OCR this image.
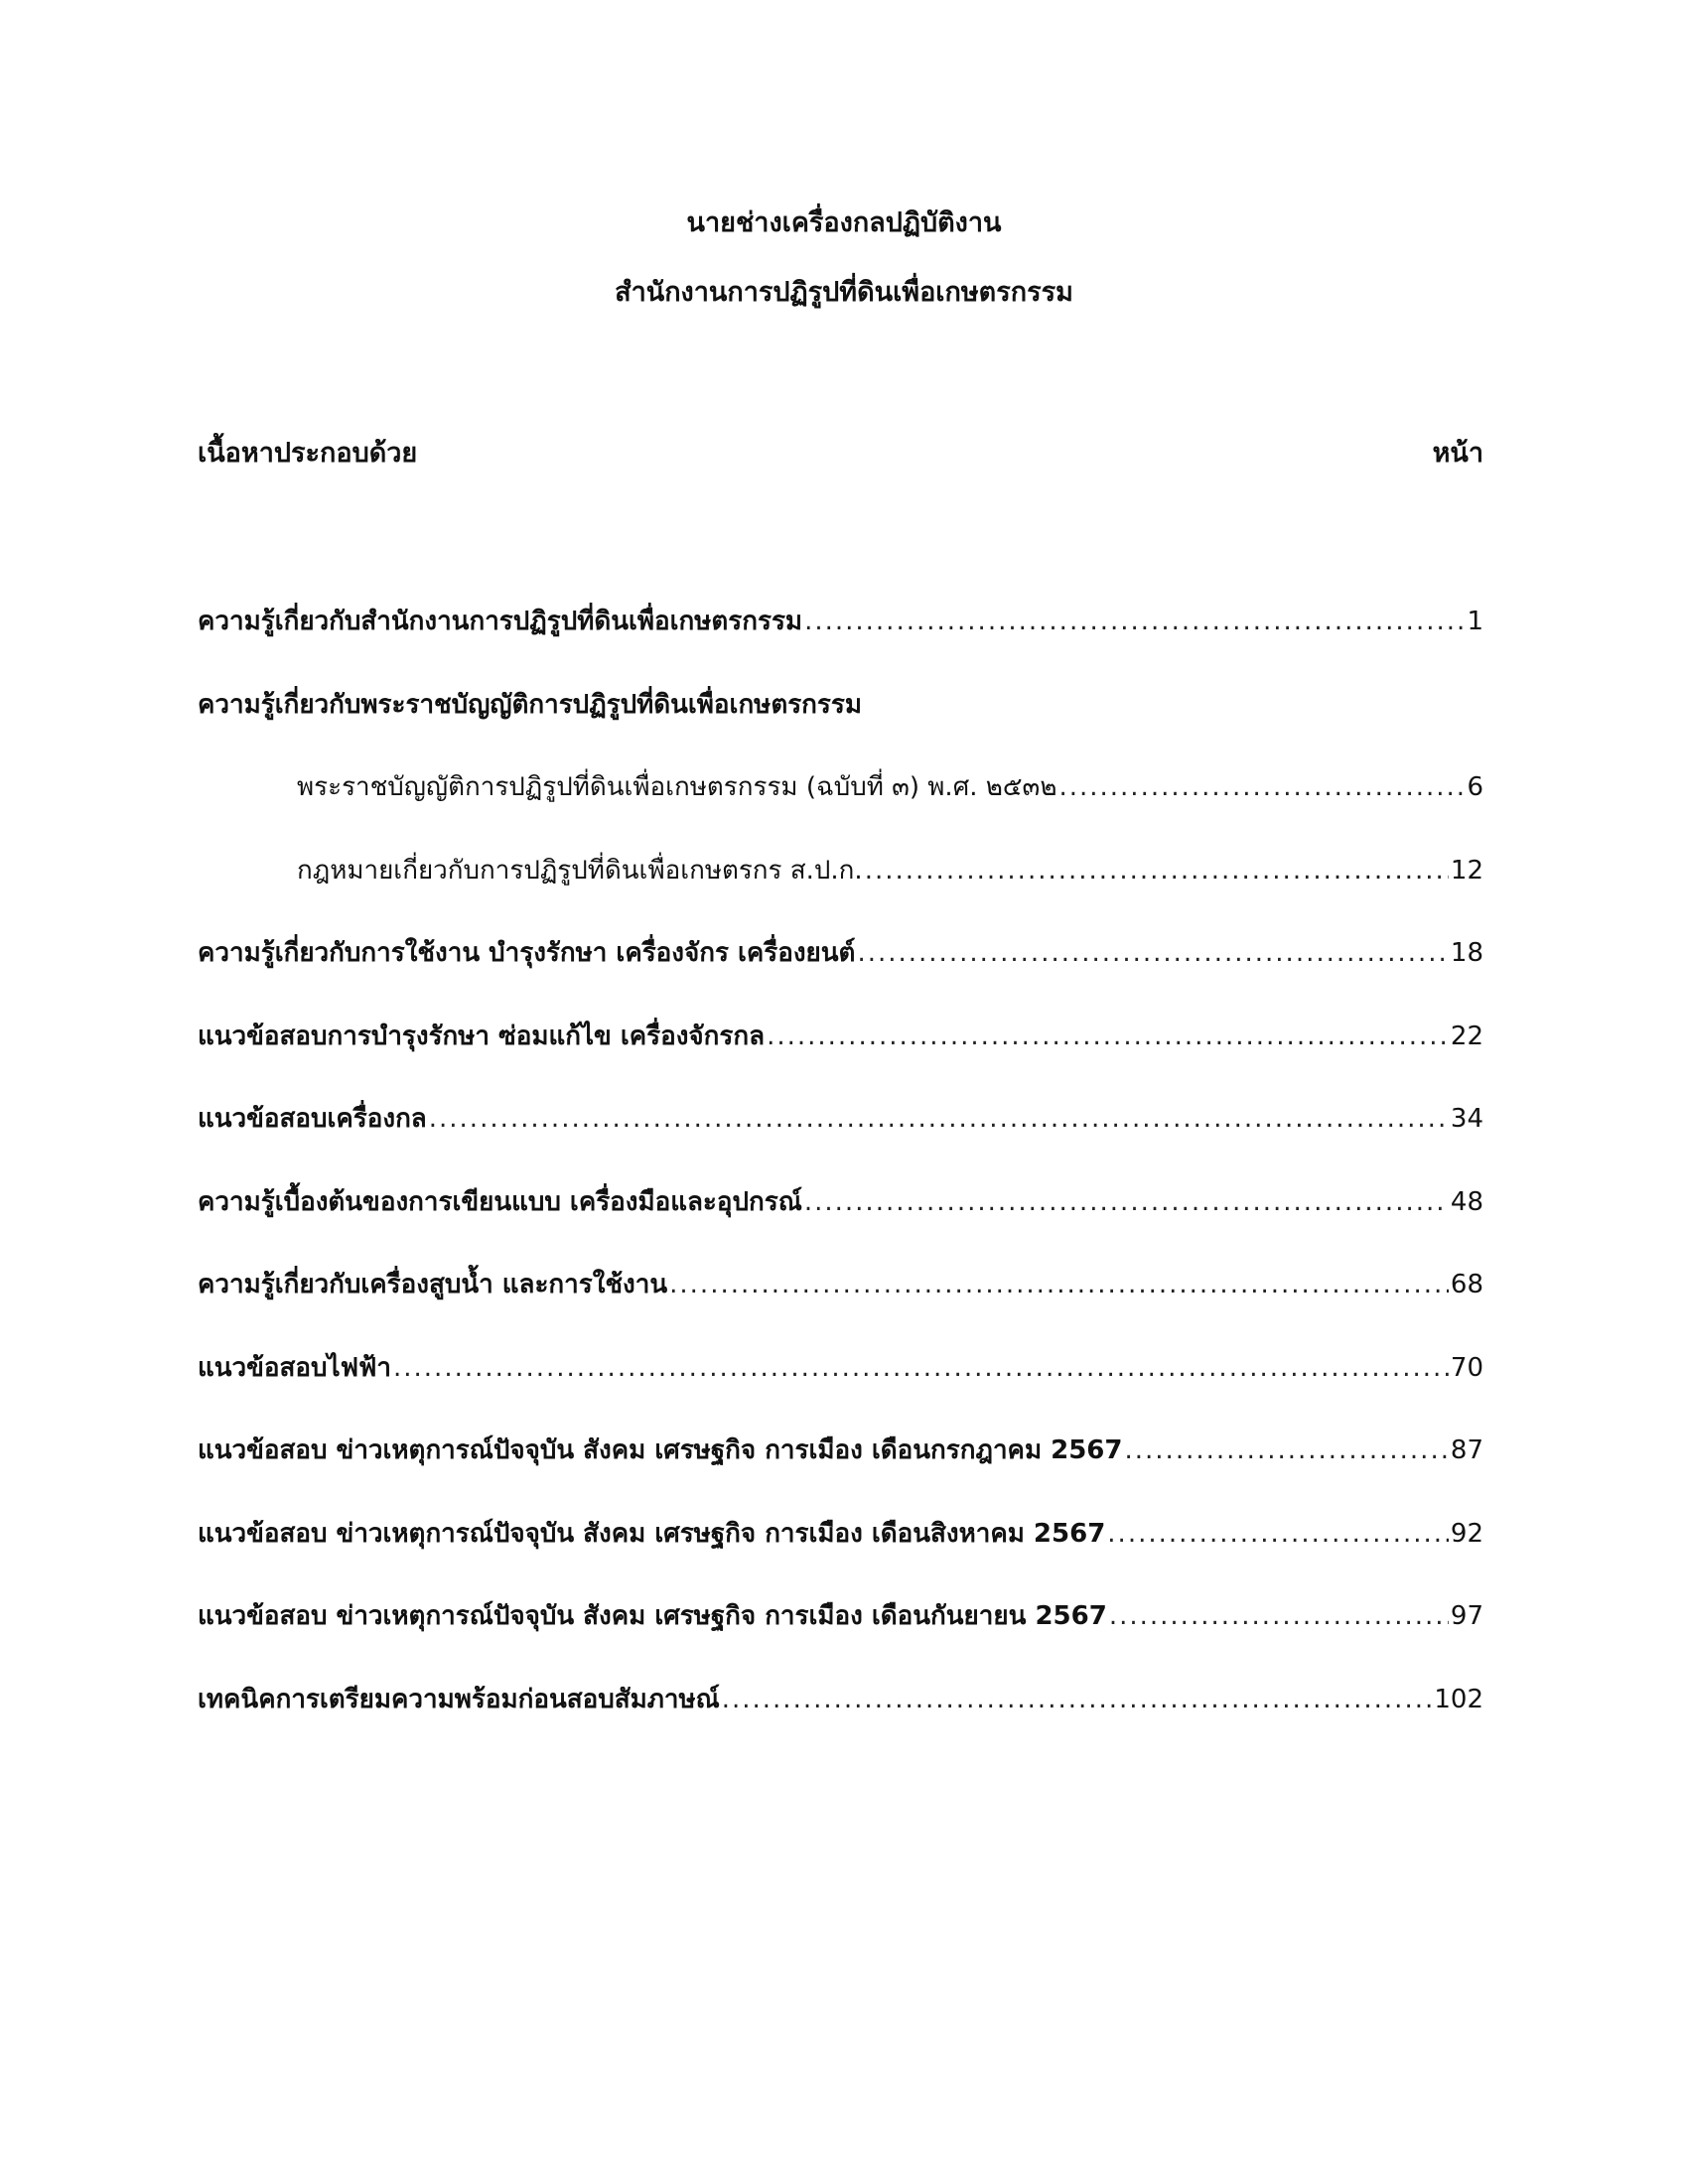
นายช่างเครื่องกลปฏิบัติงาน
สำนักงานการปฏิรูปที่ดินเพื่อเกษตรกรรม
เนื้อหาประกอบด้วย	หน้า
ความรู้เกี่ยวกับสำนักงานการปฏิรูปที่ดินเพื่อเกษตรกรรม .....	1
ความรู้เกี่ยวกับพระราชบัญญัติการปฏิรูปที่ดินเพื่อเกษตรกรรม
พระราชบัญญัติการปฏิรูปที่ดินเพื่อเกษตรกรรม (ฉบับที่ ๓) พ.ศ. ๒๕๓๒ .....	6
กฎหมายเกี่ยวกับการปฏิรูปที่ดินเพื่อเกษตรกร ส.ป.ก. .....	12
ความรู้เกี่ยวกับการใช้งาน บำรุงรักษา เครื่องจักร เครื่องยนต์ .....	18
แนวข้อสอบการบำรุงรักษา ซ่อมแก้ไข เครื่องจักรกล .....	22
แนวข้อสอบเครื่องกล .....	34
ความรู้เบื้องต้นของการเขียนแบบ เครื่องมือและอุปกรณ์ .....	48
ความรู้เกี่ยวกับเครื่องสูบน้ำ และการใช้งาน .....	68
แนวข้อสอบไฟฟ้า .....	70
แนวข้อสอบ ข่าวเหตุการณ์ปัจจุบัน สังคม เศรษฐกิจ การเมือง เดือนกรกฎาคม 2567 .....	87
แนวข้อสอบ ข่าวเหตุการณ์ปัจจุบัน สังคม เศรษฐกิจ การเมือง เดือนสิงหาคม 2567 .....	92
แนวข้อสอบ ข่าวเหตุการณ์ปัจจุบัน สังคม เศรษฐกิจ การเมือง เดือนกันยายน 2567 .....	97
เทคนิคการเตรียมความพร้อมก่อนสอบสัมภาษณ์ .....	102
